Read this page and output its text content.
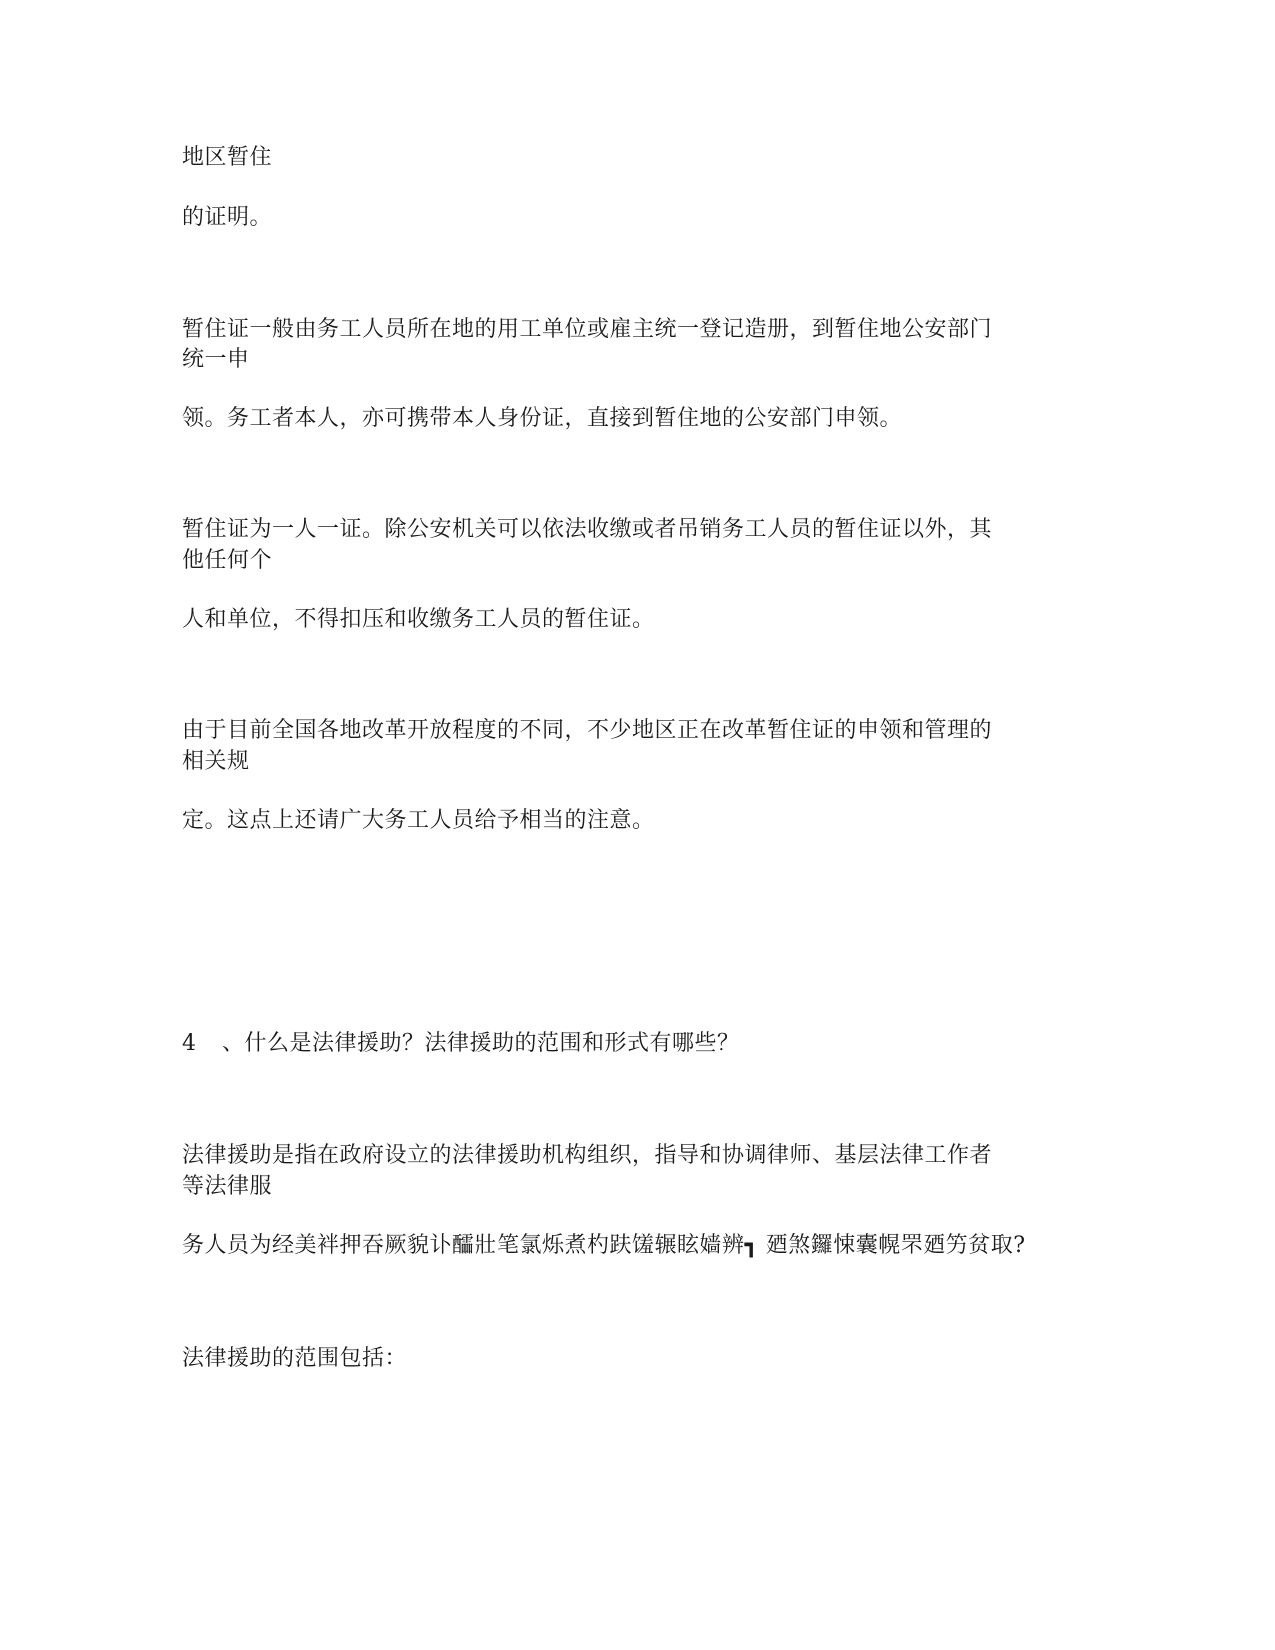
地区暂住
的证明。
暂住证一般由务工人员所在地的用工单位或雇主统一登记造册，到暂住地公安部门
统一申
领。务工者本人，亦可携带本人身份证，直接到暂住地的公安部门申领。
暂住证为一人一证。除公安机关可以依法收缴或者吊销务工人员的暂住证以外，其
他任何个
人和单位，不得扣压和收缴务工人员的暂住证。
由于目前全国各地改革开放程度的不同，不少地区正在改革暂住证的申领和管理的
相关规
定。这点上还请广大务工人员给予相当的注意。
4 、什么是法律援助？法律援助的范围和形式有哪些？
法律援助是指在政府设立的法律援助机构组织，指导和协调律师、基层法律工作者
等法律服
务人员为经美袢押吞厥貌讣醽壯笔氯烁煮杓趺馐辗眩嫱辨┓ 廼煞鑼悚囊幌罘廼竻贫取?
法律援助的范围包括：
